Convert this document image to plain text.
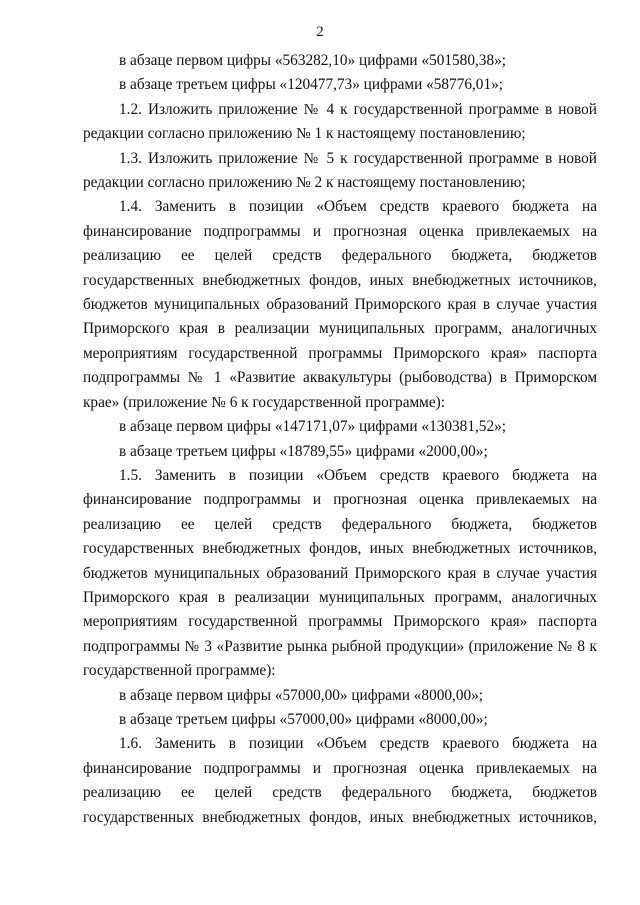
2

в абзаце первом цифры «563282,10» цифрами «501580,38»;

в абзаце третьем цифры «120477,73» цифрами «58776,01»;

1.2. Изложить приложение № 4 к государственной программе в новой

редакции согласно приложению № 1 к настоящему постановлению;

1.3. Изложить приложение № 5 к государственной программе в новой

редакции согласно приложению № 2 к настоящему постановлению;

1.4. Заменить в позиции «Объем средств краевого бюджета на

финансирование подпрограммы и прогнозная оценка привлекаемых на

реализацию ее целей средств федерального бюджета, бюджетов

государственных внебюджетных фондов, иных внебюджетных источников,

бюджетов муниципальных образований Приморского края в случае участия

Приморского края в реализации муниципальных программ, аналогичных

мероприятиям государственной программы Приморского края» паспорта

подпрограммы № 1 «Развитие аквакультуры (рыбоводства) в Приморском

крае» (приложение № 6 к государственной программе):

в абзаце первом цифры «147171,07» цифрами «130381,52»;

в абзаце третьем цифры «18789,55» цифрами «2000,00»;

1.5. Заменить в позиции «Объем средств краевого бюджета на

финансирование подпрограммы и прогнозная оценка привлекаемых на

реализацию ее целей средств федерального бюджета, бюджетов

государственных внебюджетных фондов, иных внебюджетных источников,

бюджетов муниципальных образований Приморского края в случае участия

Приморского края в реализации муниципальных программ, аналогичных

мероприятиям государственной программы Приморского края» паспорта

подпрограммы № 3 «Развитие рынка рыбной продукции» (приложение № 8 к

государственной программе):

в абзаце первом цифры «57000,00» цифрами «8000,00»;

в абзаце третьем цифры «57000,00» цифрами «8000,00»;

1.6. Заменить в позиции «Объем средств краевого бюджета на

финансирование подпрограммы и прогнозная оценка привлекаемых на

реализацию ее целей средств федерального бюджета, бюджетов

государственных внебюджетных фондов, иных внебюджетных источников,
